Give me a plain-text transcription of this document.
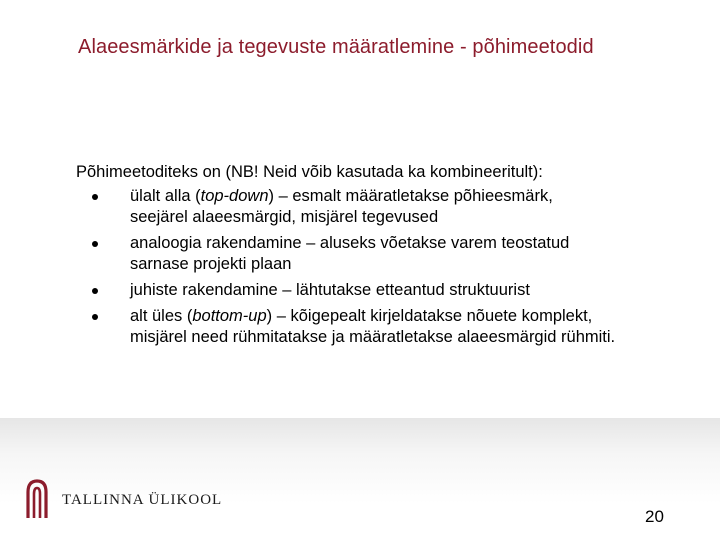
Alaeesmärkide ja tegevuste määratlemine - põhimeetodid

Põhimeetoditeks on (NB! Neid võib kasutada ka kombineeritult):

ülalt alla (top-down) – esmalt määratletakse põhieesmärk,
seejärel alaeesmärgid, misjärel tegevused
analoogia rakendamine – aluseks võetakse varem teostatud
sarnase projekti plaan
juhiste rakendamine – lähtutakse etteantud struktuurist
alt üles (bottom-up) – kõigepealt kirjeldatakse nõuete komplekt,
misjärel need rühmitatakse ja määratletakse alaeesmärgid rühmiti.
TALLINNA ÜLIKOOL
20
